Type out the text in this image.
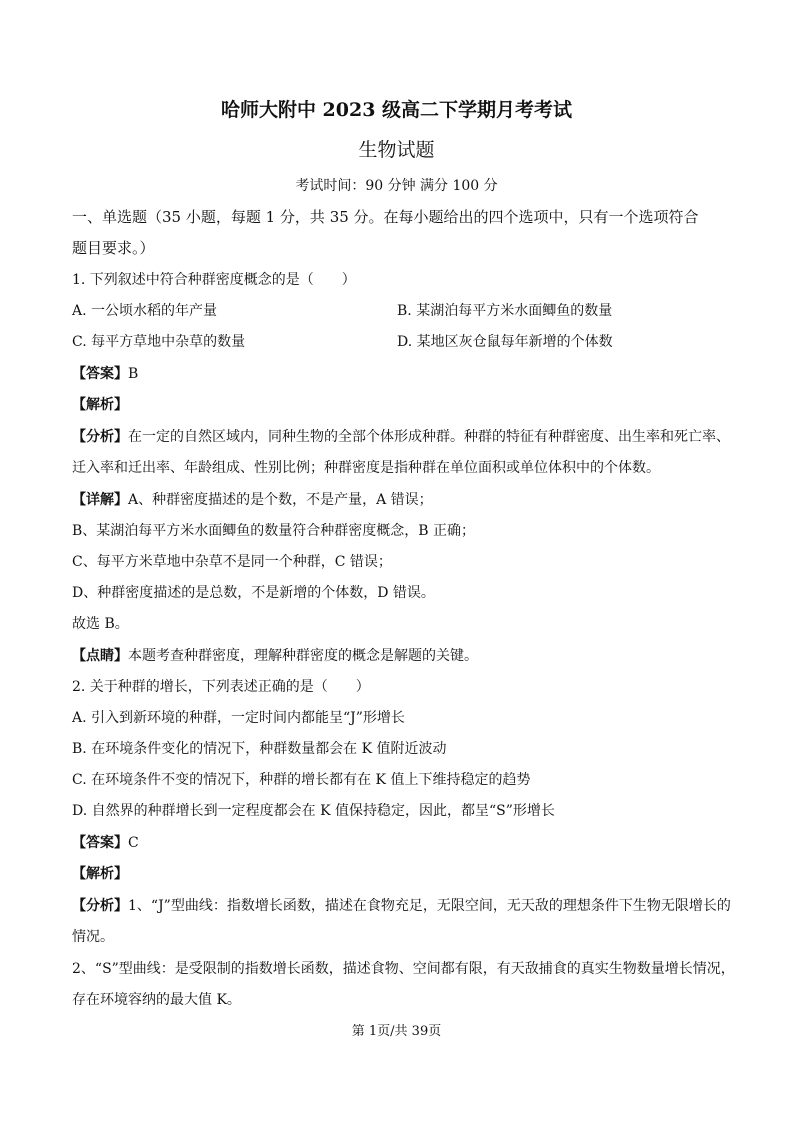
哈师大附中 2023 级高二下学期月考考试
生物试题
考试时间：90 分钟 满分 100 分
一、单选题（35 小题，每题 1 分，共 35 分。在每小题给出的四个选项中，只有一个选项符合
题目要求。）
1. 下列叙述中符合种群密度概念的是（　　）
A. 一公顷水稻的年产量	B. 某湖泊每平方米水面鲫鱼的数量
C. 每平方草地中杂草的数量	D. 某地区灰仓鼠每年新增的个体数
【答案】B
【解析】
【分析】在一定的自然区域内，同种生物的全部个体形成种群。种群的特征有种群密度、出生率和死亡率、
迁入率和迁出率、年龄组成、性别比例；种群密度是指种群在单位面积或单位体积中的个体数。
【详解】A、种群密度描述的是个数，不是产量，A 错误；
B、某湖泊每平方米水面鲫鱼的数量符合种群密度概念，B 正确；
C、每平方米草地中杂草不是同一个种群，C 错误；
D、种群密度描述的是总数，不是新增的个体数，D 错误。
故选 B。
【点睛】本题考查种群密度，理解种群密度的概念是解题的关键。
2. 关于种群的增长，下列表述正确的是（　　）
A. 引入到新环境的种群，一定时间内都能呈“J”形增长
B. 在环境条件变化的情况下，种群数量都会在 K 值附近波动
C. 在环境条件不变的情况下，种群的增长都有在 K 值上下维持稳定的趋势
D. 自然界的种群增长到一定程度都会在 K 值保持稳定，因此，都呈“S”形增长
【答案】C
【解析】
【分析】1、“J”型曲线：指数增长函数，描述在食物充足，无限空间，无天敌的理想条件下生物无限增长的
情况。
2、“S”型曲线：是受限制的指数增长函数，描述食物、空间都有限，有天敌捕食的真实生物数量增长情况，
存在环境容纳的最大值 K。
第 1页/共 39页
